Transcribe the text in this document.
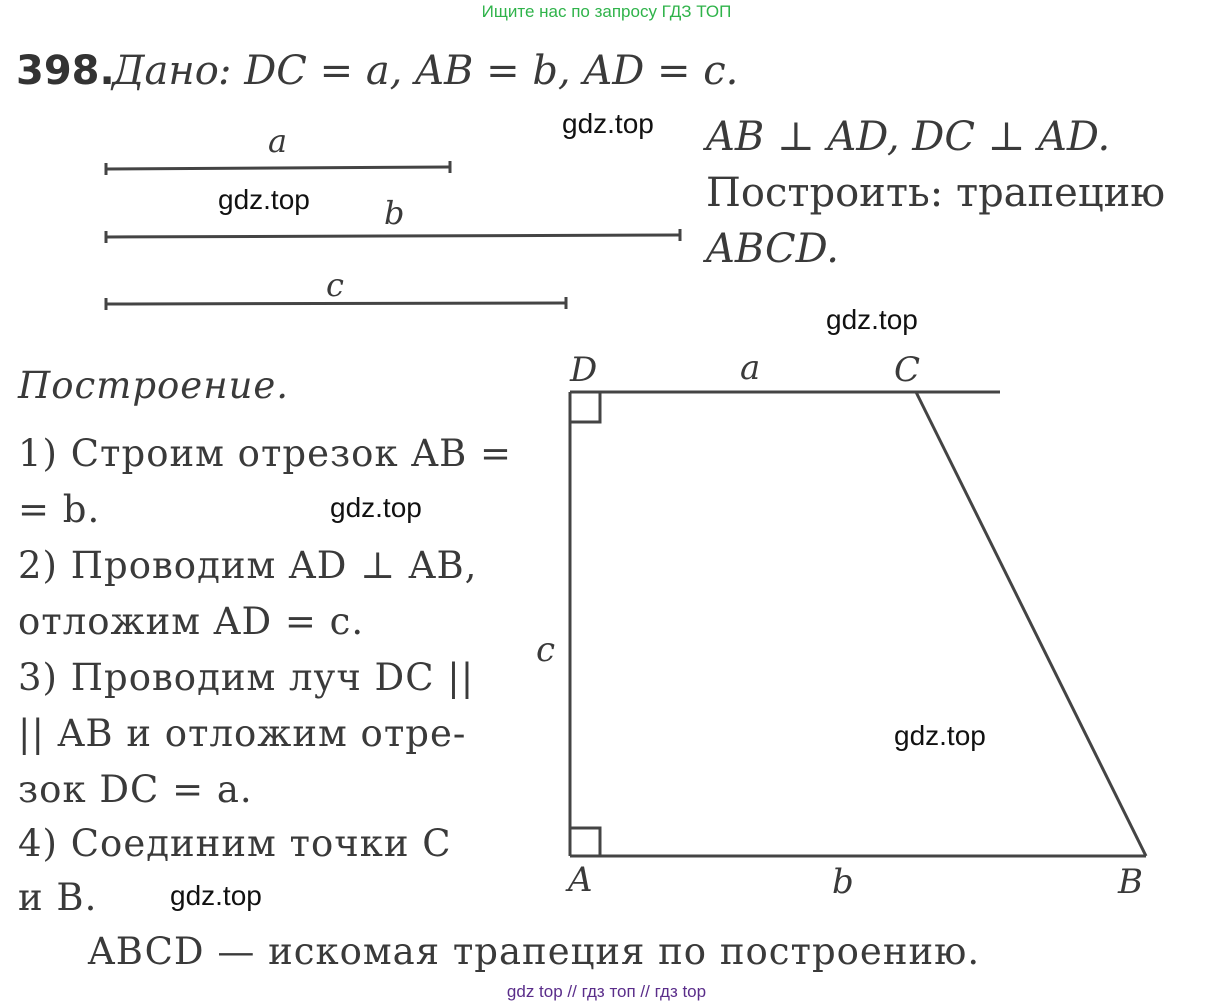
Ищите нас по запросу ГДЗ ТОП
gdz top // гдз топ // гдз top
398.
Дано : DC = a, AB = b, AD = c.
AB ⊥ AD, DC ⊥ AD.
Построить: трапецию
ABCD.
a
b
c
D	a	C
c
A	b	B
Построение.
1) Строим отрезок AB =
= b.
2) Проводим AD ⊥ AB,
отложим AD = c.
3) Проводим луч DC ||
|| AB и отложим отре-
зок DC = a.
4) Соединим точки C
и B.
ABCD — искомая трапеция по построению.
gdz.top
gdz.top
gdz.top
gdz.top
gdz.top
gdz.top
